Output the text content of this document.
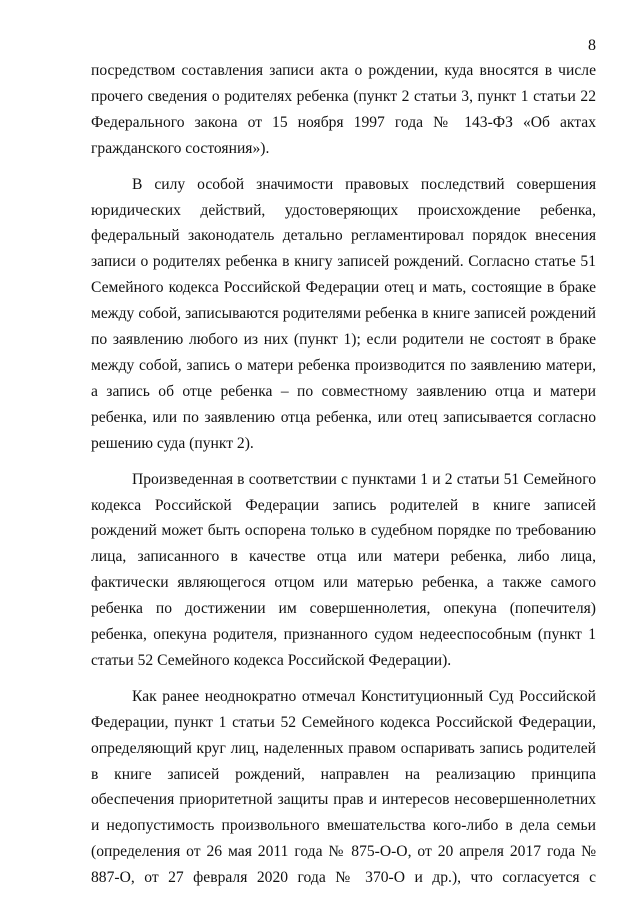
8

посредством составления записи акта о рождении, куда вносятся в числе прочего сведения о родителях ребенка (пункт 2 статьи 3, пункт 1 статьи 22 Федерального закона от 15 ноября 1997 года № 143-ФЗ «Об актах гражданского состояния»).

В силу особой значимости правовых последствий совершения юридических действий, удостоверяющих происхождение ребенка, федеральный законодатель детально регламентировал порядок внесения записи о родителях ребенка в книгу записей рождений. Согласно статье 51 Семейного кодекса Российской Федерации отец и мать, состоящие в браке между собой, записываются родителями ребенка в книге записей рождений по заявлению любого из них (пункт 1); если родители не состоят в браке между собой, запись о матери ребенка производится по заявлению матери, а запись об отце ребенка – по совместному заявлению отца и матери ребенка, или по заявлению отца ребенка, или отец записывается согласно решению суда (пункт 2).

Произведенная в соответствии с пунктами 1 и 2 статьи 51 Семейного кодекса Российской Федерации запись родителей в книге записей рождений может быть оспорена только в судебном порядке по требованию лица, записанного в качестве отца или матери ребенка, либо лица, фактически являющегося отцом или матерью ребенка, а также самого ребенка по достижении им совершеннолетия, опекуна (попечителя) ребенка, опекуна родителя, признанного судом недееспособным (пункт 1 статьи 52 Семейного кодекса Российской Федерации).

Как ранее неоднократно отмечал Конституционный Суд Российской Федерации, пункт 1 статьи 52 Семейного кодекса Российской Федерации, определяющий круг лиц, наделенных правом оспаривать запись родителей в книге записей рождений, направлен на реализацию принципа обеспечения приоритетной защиты прав и интересов несовершеннолетних и недопустимость произвольного вмешательства кого-либо в дела семьи (определения от 26 мая 2011 года № 875-О-О, от 20 апреля 2017 года № 887-О, от 27 февраля 2020 года № 370-О и др.), что согласуется с
